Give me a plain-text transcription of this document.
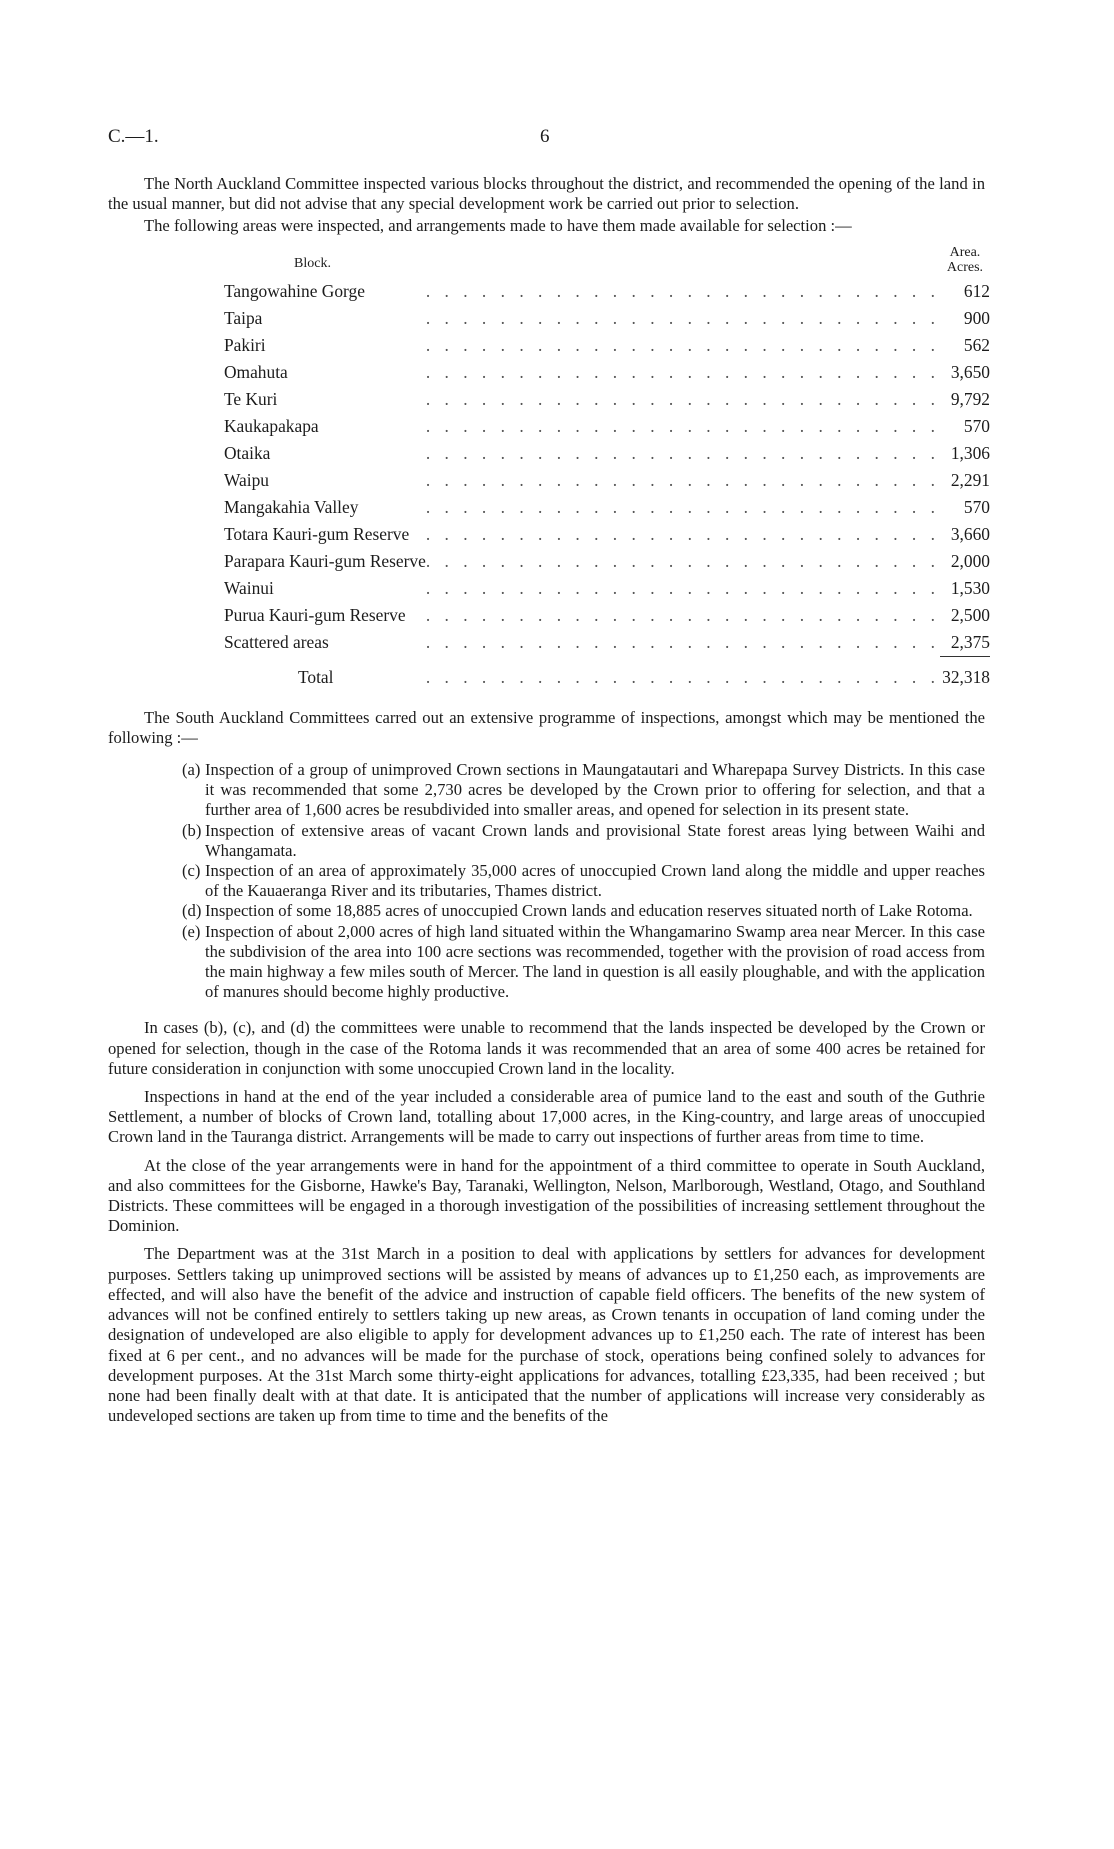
C.—1.	6

The North Auckland Committee inspected various blocks throughout the district, and recommended the opening of the land in the usual manner, but did not advise that any special development work be carried out prior to selection.

The following areas were inspected, and arrangements made to have them made available for selection :—

Block.		Area.
Acres.
Tangowahine Gorge	. . . . . . . . . . . . . . . . . . . . . . . . . . . .	612
Taipa	. . . . . . . . . . . . . . . . . . . . . . . . . . . .	900
Pakiri	. . . . . . . . . . . . . . . . . . . . . . . . . . . .	562
Omahuta	. . . . . . . . . . . . . . . . . . . . . . . . . . . .	3,650
Te Kuri	. . . . . . . . . . . . . . . . . . . . . . . . . . . .	9,792
Kaukapakapa	. . . . . . . . . . . . . . . . . . . . . . . . . . . .	570
Otaika	. . . . . . . . . . . . . . . . . . . . . . . . . . . .	1,306
Waipu	. . . . . . . . . . . . . . . . . . . . . . . . . . . .	2,291
Mangakahia Valley	. . . . . . . . . . . . . . . . . . . . . . . . . . . .	570
Totara Kauri-gum Reserve	. . . . . . . . . . . . . . . . . . . . . . . . . . . .	3,660
Parapara Kauri-gum Reserve	. . . . . . . . . . . . . . . . . . . . . . . . . . . .	2,000
Wainui	. . . . . . . . . . . . . . . . . . . . . . . . . . . .	1,530
Purua Kauri-gum Reserve	. . . . . . . . . . . . . . . . . . . . . . . . . . . .	2,500
Scattered areas	. . . . . . . . . . . . . . . . . . . . . . . . . . . .	2,375

Total	. . . . . . . . . . . . . . . . . . . . . . . . . . . .	32,318

The South Auckland Committees carred out an extensive programme of inspections, amongst which may be mentioned the following :—

(a) Inspection of a group of unimproved Crown sections in Maungatautari and Wharepapa Survey Districts. In this case it was recommended that some 2,730 acres be developed by the Crown prior to offering for selection, and that a further area of 1,600 acres be resubdivided into smaller areas, and opened for selection in its present state.
(b) Inspection of extensive areas of vacant Crown lands and provisional State forest areas lying between Waihi and Whangamata.
(c) Inspection of an area of approximately 35,000 acres of unoccupied Crown land along the middle and upper reaches of the Kauaeranga River and its tributaries, Thames district.
(d) Inspection of some 18,885 acres of unoccupied Crown lands and education reserves situated north of Lake Rotoma.
(e) Inspection of about 2,000 acres of high land situated within the Whangamarino Swamp area near Mercer. In this case the subdivision of the area into 100 acre sections was recommended, together with the provision of road access from the main highway a few miles south of Mercer. The land in question is all easily ploughable, and with the application of manures should become highly productive.

In cases (b), (c), and (d) the committees were unable to recommend that the lands inspected be developed by the Crown or opened for selection, though in the case of the Rotoma lands it was recommended that an area of some 400 acres be retained for future consideration in conjunction with some unoccupied Crown land in the locality.

Inspections in hand at the end of the year included a considerable area of pumice land to the east and south of the Guthrie Settlement, a number of blocks of Crown land, totalling about 17,000 acres, in the King-country, and large areas of unoccupied Crown land in the Tauranga district. Arrangements will be made to carry out inspections of further areas from time to time.

At the close of the year arrangements were in hand for the appointment of a third committee to operate in South Auckland, and also committees for the Gisborne, Hawke's Bay, Taranaki, Wellington, Nelson, Marlborough, Westland, Otago, and Southland Districts. These committees will be engaged in a thorough investigation of the possibilities of increasing settlement throughout the Dominion.

The Department was at the 31st March in a position to deal with applications by settlers for advances for development purposes. Settlers taking up unimproved sections will be assisted by means of advances up to £1,250 each, as improvements are effected, and will also have the benefit of the advice and instruction of capable field officers. The benefits of the new system of advances will not be confined entirely to settlers taking up new areas, as Crown tenants in occupation of land coming under the designation of undeveloped are also eligible to apply for development advances up to £1,250 each. The rate of interest has been fixed at 6 per cent., and no advances will be made for the purchase of stock, operations being confined solely to advances for development purposes. At the 31st March some thirty-eight applications for advances, totalling £23,335, had been received ; but none had been finally dealt with at that date. It is anticipated that the number of applications will increase very considerably as undeveloped sections are taken up from time to time and the benefits of the
